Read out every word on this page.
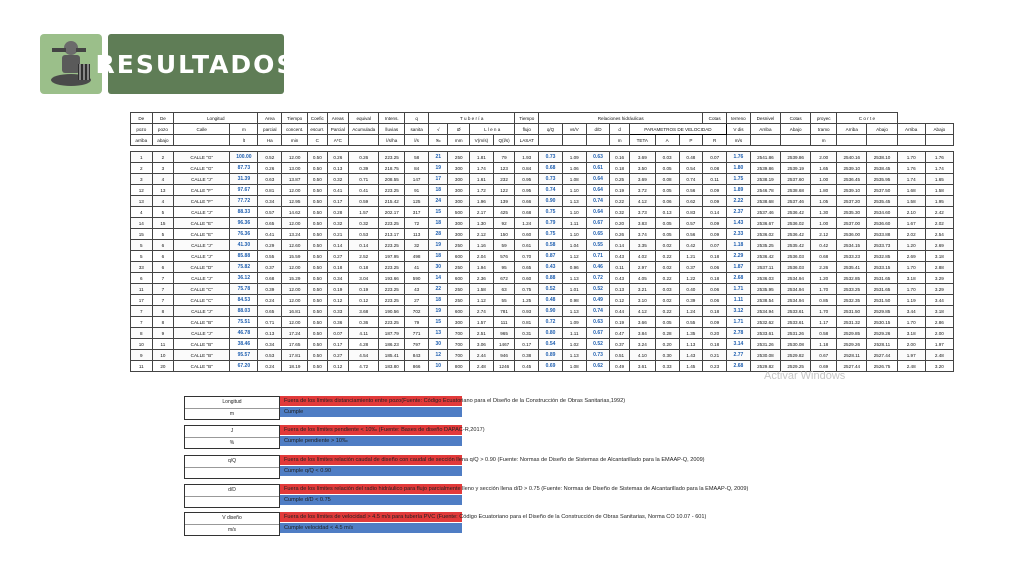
RESULTADOS
De	De	Longitud		Area	Tiempo	Coefic	Areas	equival	Intens.	q	T u b e r í a				Tiempo	Relaciones hidráulicas							Cotas	terreno	Desnivel	Cotas	proyec	C o r t e			
pozo	pozo	Calle	m	parcial	concent.	escurr.	Parcial	Acumulada	lluvias	sanita	√	Ø	L l e n a		flujo	q/Q	vs/V	d/D	d	PARAMETROS DE VELOCIDAD				V dis	Arriba	Abajo	tramo	Arriba	Abajo	Arriba	Abajo
arriba	abajo		lt	Ha	min	C	A*C		l/s/ha	l/s	‰	mm	V(m/s)	Q(l/s)	LASAT				m	TETA	A	P	R	m/s			m				

1	2	CALLE "G"	100.00	0.52	12.00	0.50	0.26	0.26	223.25	58	21	250	1.81	79	1.93	0.73	1.09	0.63	0.16	3.69	0.03	0.48	0.07	1.76	2541.86	2539.86	2.00	2540.16	2538.10	1.70	1.76
2	3	CALLE "G"	87.73	0.26	13.00	0.50	0.13	0.39	218.75	84	19	300	1.74	123	0.84	0.68	1.06	0.61	0.18	3.50	0.05	0.54	0.08	1.80	2539.86	2539.19	1.65	2539.10	2538.45	1.76	1.74
3	4	CALLE "J"	31.39	0.63	13.87	0.50	0.32	0.71	208.55	147	17	300	1.61	232	0.95	0.73	1.08	0.64	0.25	3.69	0.08	0.74	0.11	1.75	2538.19	2537.60	1.00	2536.45	2535.95	1.74	1.65
12	13	CALLE "F"	97.67	0.81	12.00	0.50	0.41	0.41	223.25	91	18	300	1.72	122	0.95	0.74	1.10	0.64	0.19	3.72	0.05	0.56	0.09	1.89	2546.78	2538.68	1.80	2539.10	2537.50	1.68	1.58
13	4	CALLE "F"	77.72	0.34	12.95	0.50	0.17	0.59	215.42	125	24	300	1.96	139	0.66	0.90	1.13	0.74	0.22	4.12	0.06	0.62	0.09	2.22	2538.68	2537.46	1.05	2537.20	2535.45	1.58	1.95
4	5	CALLE "J"	88.33	0.57	14.62	0.50	0.28	1.57	202.17	317	15	500	2.17	425	0.68	0.75	1.10	0.64	0.32	3.73	0.13	0.83	0.14	2.37	2537.46	2536.42	1.30	2535.30	2534.60	2.10	2.42
14	15	CALLE "E"	96.36	0.65	12.00	0.50	0.32	0.32	223.25	72	18	300	1.30	92	1.24	0.79	1.11	0.67	0.20	3.83	0.05	0.57	0.09	1.43	2536.67	2536.02	1.00	2537.00	2536.60	1.67	2.02
15	5	CALLE "E"	76.36	0.41	13.24	0.50	0.21	0.53	213.17	113	28	300	2.12	150	0.60	0.75	1.10	0.65	0.26	3.74	0.05	0.56	0.09	2.33	2536.02	2536.42	2.12	2536.00	2533.88	2.02	2.54
5	6	CALLE "J"	41.30	0.29	12.60	0.50	0.14	0.14	223.25	32	19	250	1.16	59	0.61	0.58	1.04	0.55	0.14	3.35	0.02	0.42	0.07	1.18	2535.25	2535.42	0.42	2534.15	2533.73	1.20	2.69
5	6	CALLE "J"	85.88	0.55	15.59	0.50	0.27	2.52	197.95	498	18	600	2.04	576	0.70	0.87	1.12	0.71	0.43	4.02	0.22	1.21	0.18	2.29	2536.42	2536.03	0.68	2533.23	2532.85	2.69	3.18
33	6	CALLE "D"	75.82	0.37	12.00	0.50	0.18	0.18	223.25	41	30	250	1.94	95	0.65	0.43	0.96	0.46	0.11	2.97	0.02	0.37	0.06	1.87	2537.11	2536.03	2.26	2535.41	2533.15	1.70	2.88
6	7	CALLE "J"	36.12	0.68	15.29	0.50	0.34	3.04	193.66	590	14	600	2.36	672	0.60	0.88	1.13	0.72	0.43	4.05	0.22	1.22	0.18	2.68	2536.03	2534.94	1.20	2532.85	2531.65	3.18	3.29
11	7	CALLE "C"	75.78	0.39	12.00	0.50	0.19	0.19	223.25	43	22	250	1.58	63	0.75	0.52	1.01	0.52	0.13	3.21	0.03	0.40	0.06	1.71	2535.95	2534.94	1.70	2533.25	2531.65	1.70	3.29
17	7	CALLE "C"	84.53	0.24	12.00	0.50	0.12	0.12	223.25	27	18	250	1.12	55	1.25	0.48	0.98	0.49	0.12	3.10	0.02	0.39	0.06	1.11	2538.54	2534.94	0.85	2532.35	2531.50	1.19	3.44
7	8	CALLE "J"	88.03	0.65	16.81	0.50	0.33	3.68	190.56	702	19	600	2.74	781	0.93	0.90	1.13	0.74	0.44	4.12	0.22	1.24	0.18	3.12	2534.94	2533.61	1.70	2531.50	2529.85	3.44	3.18
7	8	CALLE "B"	75.51	0.71	12.00	0.50	0.36	0.36	223.25	79	15	300	1.57	111	0.81	0.72	1.09	0.63	0.19	3.66	0.05	0.55	0.09	1.71	2532.62	2533.61	1.17	2531.32	2530.15	1.70	2.86
8	9	CALLE "J"	46.78	0.13	17.24	0.50	0.07	4.11	187.79	771	13	700	2.51	965	0.31	0.80	1.11	0.67	0.47	3.84	0.28	1.35	0.20	2.78	2533.61	2531.26	0.58	2529.85	2529.26	3.18	2.00
10	11	CALLE "B"	38.46	0.34	17.65	0.50	0.17	4.28	186.23	797	30	700	3.06	1467	0.17	0.54	1.02	0.52	0.37	3.24	0.20	1.13	0.18	3.14	2531.26	2530.08	1.18	2529.26	2528.11	2.00	1.97
9	10	CALLE "B"	95.57	0.53	17.81	0.50	0.27	4.54	185.41	843	12	700	2.44	946	0.38	0.89	1.13	0.73	0.51	4.10	0.30	1.43	0.21	2.77	2530.08	2529.82	0.67	2528.11	2527.44	1.97	2.48
11	20	CALLE "B"	67.20	0.24	18.19	0.50	0.12	4.72	183.80	866	10	800	2.48	1246	0.45	0.69	1.08	0.62	0.49	3.61	0.33	1.45	0.23	2.68	2529.82	2529.25	0.69	2527.44	2526.75	2.48	3.20
Activar Windows
Longitud
m
Fuera de los límites distanciamiento entre pozo(Fuente: Código Ecuatoriano para el Diseño de la Construcción de Obras Sanitarias,1992)
Cumple
J
%
Fuera de los límites pendiente < 10‰ (Fuente: Bases de diseño DAPAC-R,2017)
Cumple pendiente > 10‰
q/Q	Fuera de los límites relación caudal de diseño con caudal de sección llena q/Q > 0.90 (Fuente: Normas de Diseño de Sistemas de Alcantarillado para la EMAAP-Q, 2009)
Cumple q/Q < 0.90
d/D	Fuera de los límites relación del radio hidráulico para flujo parcialmente lleno y sección llena d/D > 0.75 (Fuente: Normas de Diseño de Sistemas de Alcantarillado para la EMAAP-Q, 2009)
Cumple d/D < 0.75
V diseño
m/s
Fuera de los límites de velocidad > 4.5 m/s para tubería PVC (Fuente: Código Ecuatoriano para el Diseño de la Construcción de Obras Sanitarias, Norma CO 10.07 - 601)
Cumple velocidad < 4.5 m/s
